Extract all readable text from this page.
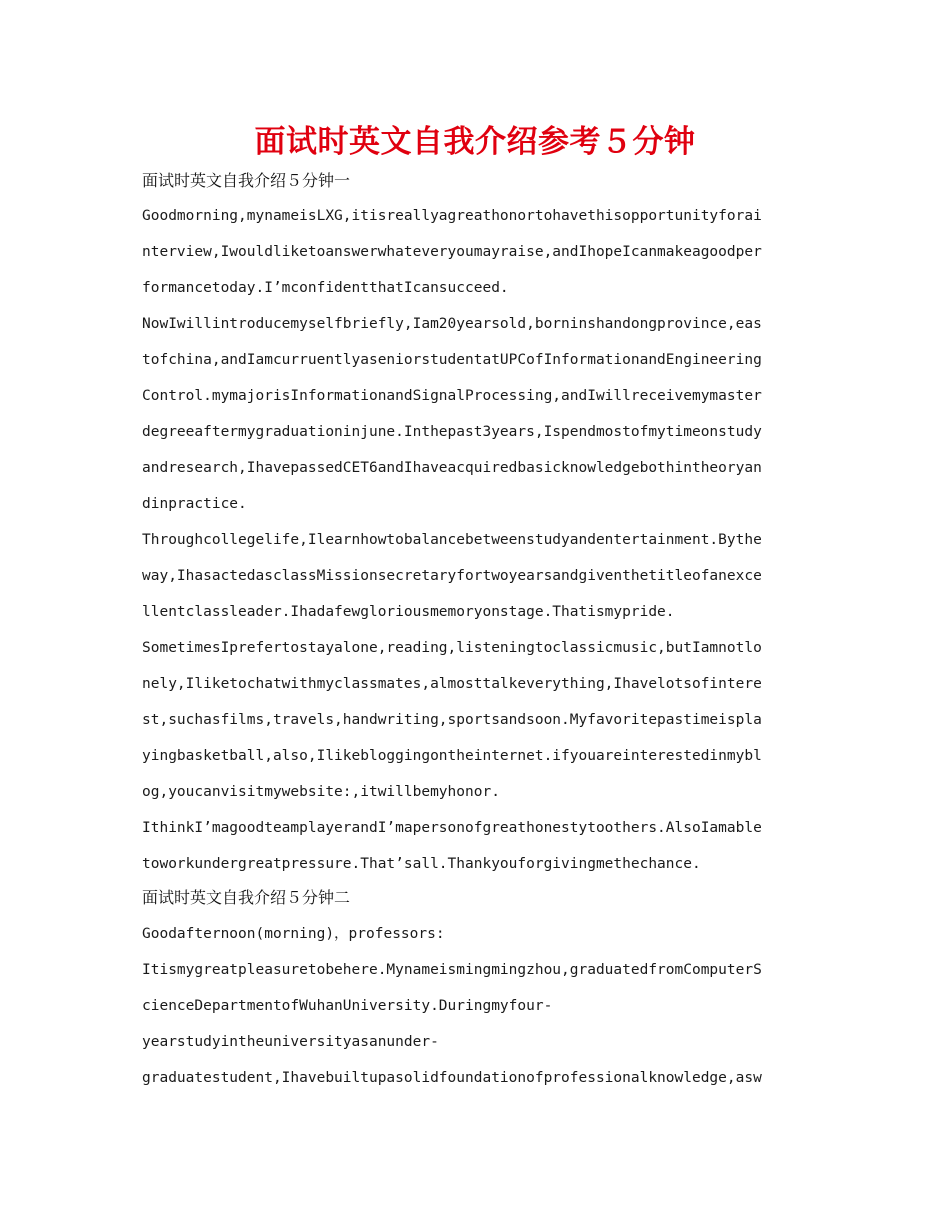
面试时英文自我介绍参考５分钟
面试时英文自我介绍５分钟一
Goodmorning,mynameisLXG,itisreallyagreathonortohavethisopportunityforai
nterview,Iwouldliketoanswerwhateveryoumayraise,andIhopeIcanmakeagoodper
formancetoday.I’mconfidentthatIcansucceed.
NowIwillintroducemyselfbriefly,Iam20yearsold,borninshandongprovince,eas
tofchina,andIamcurruentlyaseniorstudentatUPCofInformationandEngineering
Control.mymajorisInformationandSignalProcessing,andIwillreceivemymaster
degreeaftermygraduationinjune.Inthepast3years,Ispendmostofmytimeonstudy
andresearch,IhavepassedCET6andIhaveacquiredbasicknowledgebothintheoryan
dinpractice.
Throughcollegelife,Ilearnhowtobalancebetweenstudyandentertainment.Bythe
way,IhasactedasclassMissionsecretaryfortwoyearsandgiventhetitleofanexce
llentclassleader.Ihadafewgloriousmemoryonstage.Thatismypride.
SometimesIprefertostayalone,reading,listeningtoclassicmusic,butIamnotlo
nely,Iliketochatwithmyclassmates,almosttalkeverything,Ihavelotsofintere
st,suchasfilms,travels,handwriting,sportsandsoon.Myfavoritepastimeispla
yingbasketball,also,Ilikebloggingontheinternet.ifyouareinterestedinmybl
og,youcanvisitmywebsite:,itwillbemyhonor.
IthinkI’magoodteamplayerandI’mapersonofgreathonestytoothers.AlsoIamable
toworkundergreatpressure.That’sall.Thankyouforgivingmethechance.
面试时英文自我介绍５分钟二
Goodafternoon(morning)，professors:
Itismygreatpleasuretobehere.Mynameismingmingzhou,graduatedfromComputerS
cienceDepartmentofWuhanUniversity.Duringmyfour-
yearstudyintheuniversityasanunder-
graduatestudent,Ihavebuiltupasolidfoundationofprofessionalknowledge,asw
